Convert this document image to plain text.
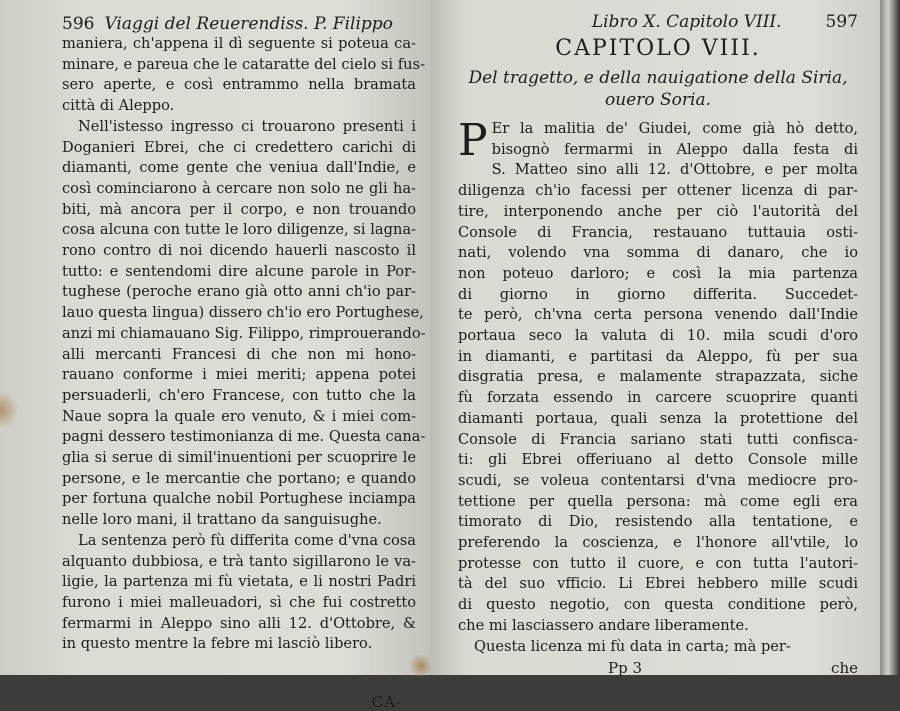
596 Viaggi del Reuerendiss. P. Filippo

maniera, ch'appena il dì seguente si poteua ca-
minare, e pareua che le cataratte del cielo si fus-
sero aperte, e così entrammo nella bramata
città di Aleppo.

Nell'istesso ingresso ci trouarono presenti i
Doganieri Ebrei, che ci credettero carichi di
diamanti, come gente che veniua dall'Indie, e
così cominciarono à cercare non solo ne gli ha-
biti, mà ancora per il corpo, e non trouando
cosa alcuna con tutte le loro diligenze, si lagna-
rono contro di noi dicendo hauerli nascosto il
tutto: e sentendomi dire alcune parole in Por-
tughese (peroche erano già otto anni ch'io par-
lauo questa lingua) dissero ch'io ero Portughese,
anzi mi chiamauano Sig. Filippo, rimprouerando-
alli mercanti Francesi di che non mi hono-
rauano conforme i miei meriti; appena potei
persuaderli, ch'ero Francese, con tutto che la
Naue sopra la quale ero venuto, & i miei com-
pagni dessero testimonianza di me. Questa cana-
glia si serue di simil'inuentioni per scuoprire le
persone, e le mercantie che portano; e quando
per fortuna qualche nobil Portughese inciampa
nelle loro mani, il trattano da sanguisughe.

La sentenza però fù differita come d'vna cosa
alquanto dubbiosa, e trà tanto sigillarono le va-
ligie, la partenza mi fù vietata, e li nostri Padri
furono i miei malleuadori, sì che fui costretto
fermarmi in Aleppo sino alli 12. d'Ottobre, &
in questo mentre la febre mi lasciò libero.

CA-
Libro X. Capitolo VIII.	597
CAPITOLO VIII.
Del tragetto, e della nauigatione della Siria,
ouero Soria.

P Er la malitia de' Giudei, come già hò detto,
bisognò fermarmi in Aleppo dalla festa di
S. Matteo sino alli 12. d'Ottobre, e per molta
diligenza ch'io facessi per ottener licenza di par-
tire, interponendo anche per ciò l'autorità del
Console di Francia, restauano tuttauia osti-
nati, volendo vna somma di danaro, che io
non poteuo darloro; e così la mia partenza
di giorno in giorno differita. Succedet-
te però, ch'vna certa persona venendo dall'Indie
portaua seco la valuta di 10. mila scudi d'oro
in diamanti, e partitasi da Aleppo, fù per sua
disgratia presa, e malamente strapazzata, siche
fù forzata essendo in carcere scuoprire quanti
diamanti portaua, quali senza la protettione del
Console di Francia sariano stati tutti confisca-
ti: gli Ebrei offeriuano al detto Console mille
scudi, se voleua contentarsi d'vna mediocre pro-
tettione per quella persona: mà come egli era
timorato di Dio, resistendo alla tentatione, e
preferendo la coscienza, e l'honore all'vtile, lo
protesse con tutto il cuore, e con tutta l'autori-
tà del suo vfficio. Li Ebrei hebbero mille scudi
di questo negotio, con questa conditione però,
che mi lasciassero andare liberamente.

Questa licenza mi fù data in carta; mà per-

Pp 3	che
